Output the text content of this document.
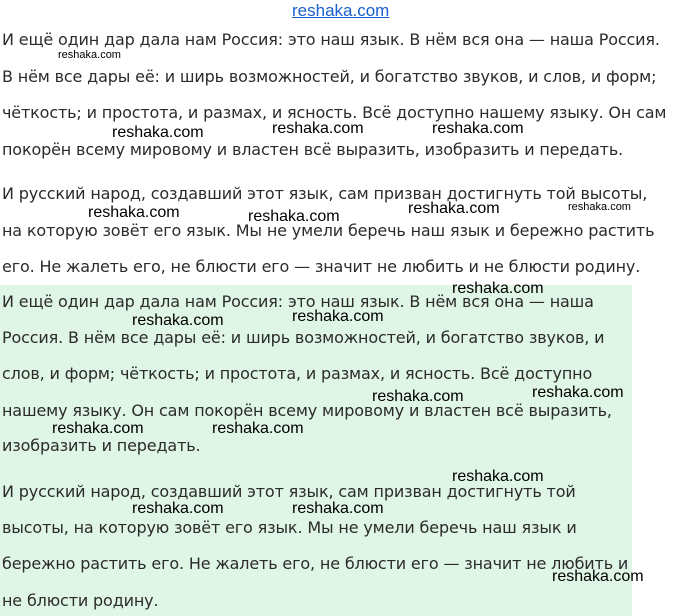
reshaka.com
И ещё один дар дала нам Россия: это наш язык. В нём вся она — наша Россия.
В нём все дары её: и ширь возможностей, и богатство звуков, и слов, и форм;
чёткость; и простота, и размах, и ясность. Всё доступно нашему языку. Он сам
покорён всему мировому и властен всё выразить, изобразить и передать.
И русский народ, создавший этот язык, сам призван достигнуть той высоты,
на которую зовёт его язык. Мы не умели беречь наш язык и бережно растить
его. Не жалеть его, не блюсти его — значит не любить и не блюсти родину.
И ещё один дар дала нам Россия: это наш язык. В нём вся она — наша
Россия. В нём все дары её: и ширь возможностей, и богатство звуков, и
слов, и форм; чёткость; и простота, и размах, и ясность. Всё доступно
нашему языку. Он сам покорён всему мировому и властен всё выразить,
изобразить и передать.
И русский народ, создавший этот язык, сам призван достигнуть той
высоты, на которую зовёт его язык. Мы не умели беречь наш язык и
бережно растить его. Не жалеть его, не блюсти его — значит не любить и
не блюсти родину.
reshaka.com
reshaka.com	reshaka.com	reshaka.com
reshaka.com	reshaka.com	reshaka.com	reshaka.com
reshaka.com
reshaka.com	reshaka.com
reshaka.com	reshaka.com
reshaka.com	reshaka.com
reshaka.com
reshaka.com	reshaka.com
reshaka.com
